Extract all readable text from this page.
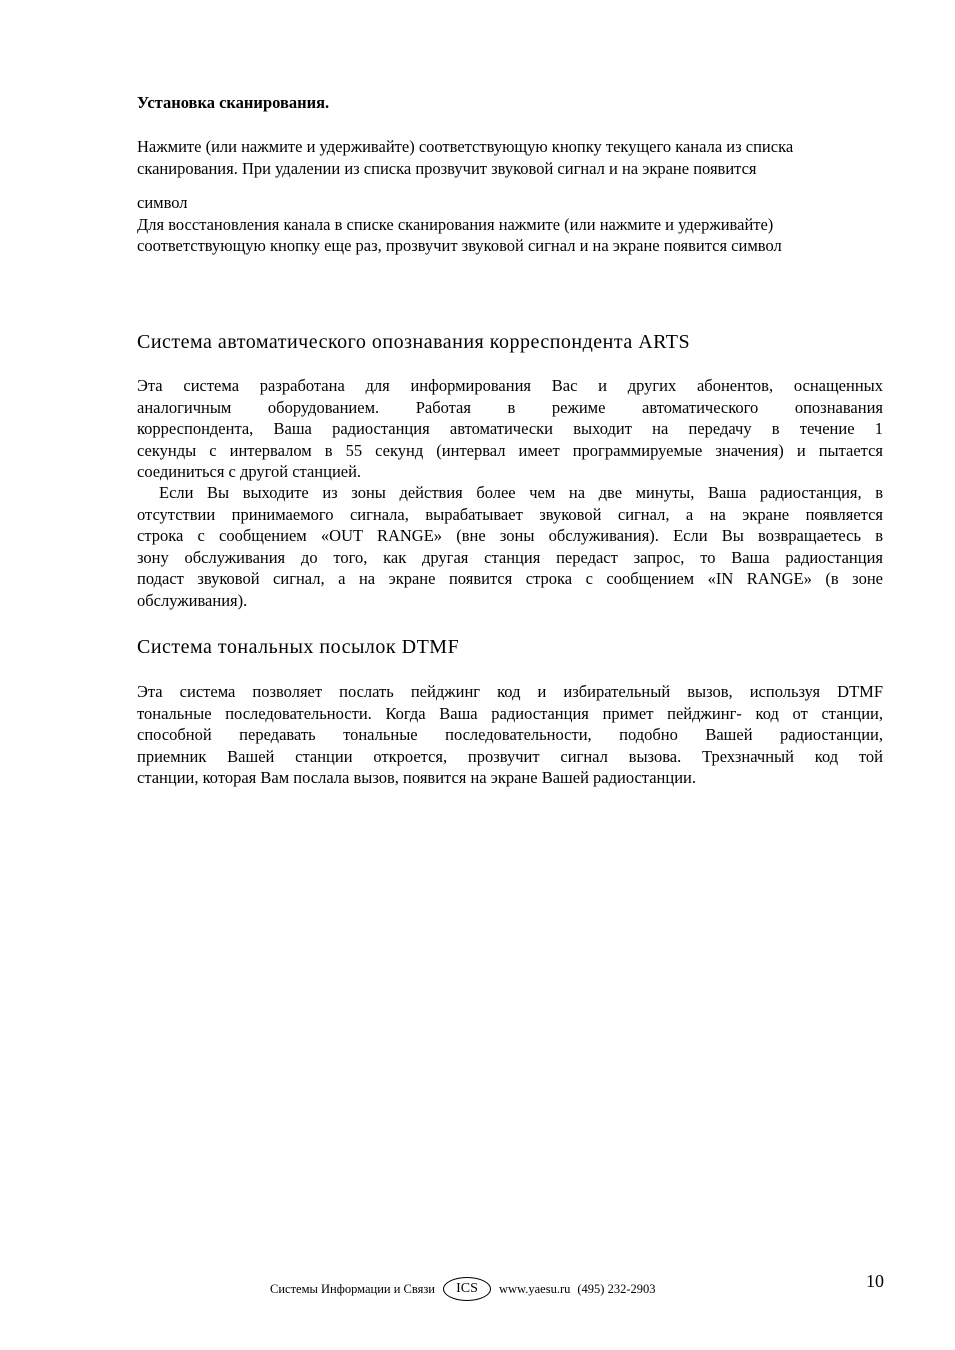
Установка сканирования.
Нажмите (или нажмите и удерживайте) соответствующую кнопку текущего канала из списка
сканирования. При удалении из списка прозвучит звуковой сигнал и на экране появится
символ
Для восстановления канала в списке сканирования нажмите (или нажмите и удерживайте)
соответствующую кнопку еще раз, прозвучит звуковой сигнал и на экране появится символ
Система автоматического опознавания корреспондента ARTS
Эта система разработана для информирования Вас и других абонентов, оснащенных
аналогичным оборудованием. Работая в режиме автоматического опознавания
корреспондента, Ваша радиостанция автоматически выходит на передачу в течение 1
секунды с интервалом в 55 секунд (интервал имеет программируемые значения) и пытается
соединиться с другой станцией.
Если Вы выходите из зоны действия более чем на две минуты, Ваша радиостанция, в
отсутствии принимаемого сигнала, вырабатывает звуковой сигнал, а на экране появляется
строка с сообщением «OUT RANGE» (вне зоны обслуживания). Если Вы возвращаетесь в
зону обслуживания до того, как другая станция передаст запрос, то Ваша радиостанция
подаст звуковой сигнал, а на экране появится строка с сообщением «IN RANGE» (в зоне
обслуживания).
Система тональных посылок DTMF
Эта система позволяет послать пейджинг код и избирательный вызов, используя DTMF
тональные последовательности. Когда Ваша радиостанция примет пейджинг- код от станции,
способной передавать тональные последовательности, подобно Вашей радиостанции,
приемник Вашей станции откроется, прозвучит сигнал вызова. Трехзначный код той
станции, которая Вам послала вызов, появится на экране Вашей радиостанции.
Системы Информации и Связи ICS www.yaesu.ru (495) 232-2903	10
